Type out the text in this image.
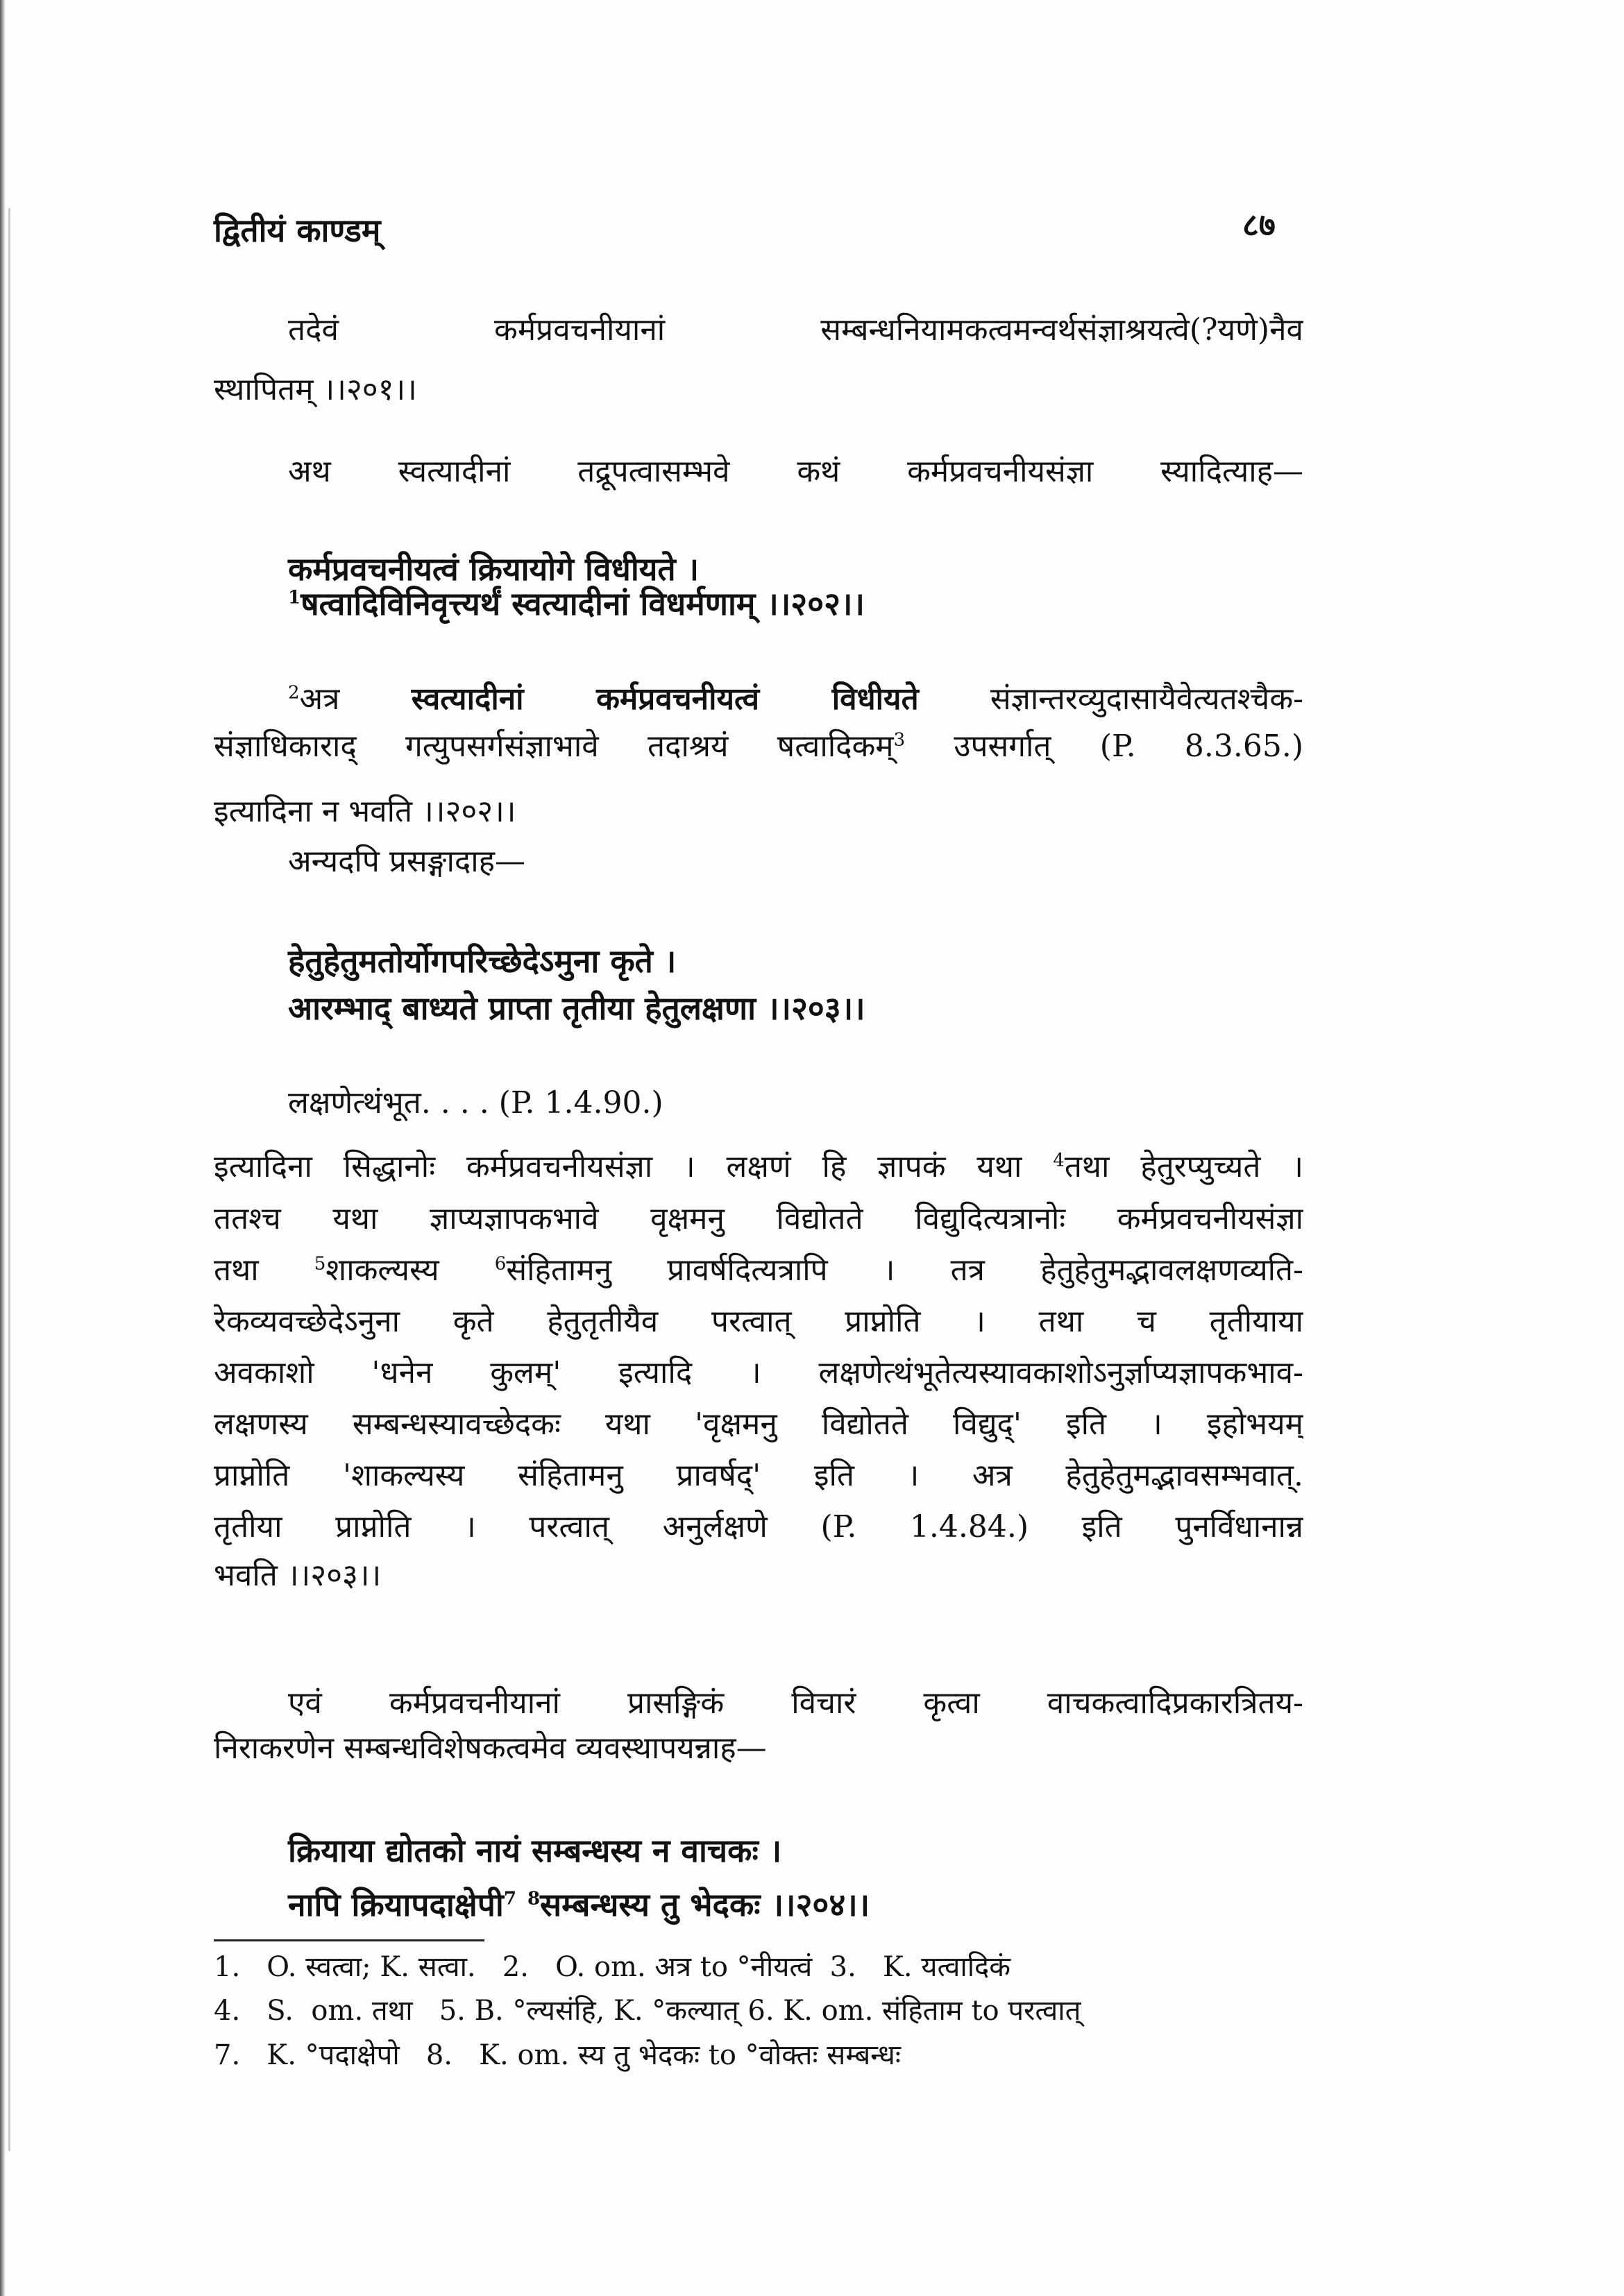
द्वितीयं काण्डम्	८७
तदेवं कर्मप्रवचनीयानां सम्बन्धनियामकत्वमन्वर्थसंज्ञाश्रयत्वे(?यणे)नैव
स्थापितम् ।।२०१।।
अथ स्वत्यादीनां तद्रूपत्वासम्भवे कथं कर्मप्रवचनीयसंज्ञा स्यादित्याह—
कर्मप्रवचनीयत्वं क्रियायोगे विधीयते ।
$^1$षत्वादिविनिवृत्त्यर्थं स्वत्यादीनां विधर्मणाम् ।।२०२।।
$^2$अत्र स्वत्यादीनां कर्मप्रवचनीयत्वं विधीयते संज्ञान्तरव्युदासायैवेत्यतश्चैक-
संज्ञाधिकाराद् गत्युपसर्गसंज्ञाभावे तदाश्रयं षत्वादिकम्$^3$ उपसर्गात् (P. 8.3.65.)
इत्यादिना न भवति ।।२०२।।
अन्यदपि प्रसङ्गादाह—
हेतुहेतुमतोर्योगपरिच्छेदेऽमुना कृते ।
आरम्भाद् बाध्यते प्राप्ता तृतीया हेतुलक्षणा ।।२०३।।
लक्षणेत्थंभूत. . . . (P. 1.4.90.)
इत्यादिना सिद्धानोः कर्मप्रवचनीयसंज्ञा । लक्षणं हि ज्ञापकं यथा $^4$तथा हेतुरप्युच्यते ।
ततश्च यथा ज्ञाप्यज्ञापकभावे वृक्षमनु विद्योतते विद्युदित्यत्रानोः कर्मप्रवचनीयसंज्ञा
तथा $^5$शाकल्यस्य $^6$संहितामनु प्रावर्षदित्यत्रापि । तत्र हेतुहेतुमद्भावलक्षणव्यति-
रेकव्यवच्छेदेऽनुना कृते हेतुतृतीयैव परत्वात् प्राप्नोति । तथा च तृतीयाया
अवकाशो 'धनेन कुलम्' इत्यादि । लक्षणेत्थंभूतेत्यस्यावकाशोऽनुर्ज्ञाप्यज्ञापकभाव-
लक्षणस्य सम्बन्धस्यावच्छेदकः यथा 'वृक्षमनु विद्योतते विद्युद्' इति । इहोभयम्
प्राप्नोति 'शाकल्यस्य संहितामनु प्रावर्षद्' इति । अत्र हेतुहेतुमद्भावसम्भवात्.
तृतीया प्राप्नोति । परत्वात् अनुर्लक्षणे (P. 1.4.84.) इति पुनर्विधानान्न
भवति ।।२०३।।
एवं कर्मप्रवचनीयानां प्रासङ्गिकं विचारं कृत्वा वाचकत्वादिप्रकारत्रितय-
निराकरणेन सम्बन्धविशेषकत्वमेव व्यवस्थापयन्नाह—
क्रियाया द्योतको नायं सम्बन्धस्य न वाचकः ।
नापि क्रियापदाक्षेपी$^7$ $^8$सम्बन्धस्य तु भेदकः ।।२०४।।
1.   O. स्वत्वा; K. सत्वा.   2.   O. om. अत्र to °नीयत्वं  3.   K. यत्वादिकं
4.   S.  om. तथा   5. B. °ल्यसंहि, K. °कल्यात् 6. K. om. संहिताम to परत्वात्
7.   K. °पदाक्षेपो   8.   K. om. स्य तु भेदकः to °वोक्तः सम्बन्धः
